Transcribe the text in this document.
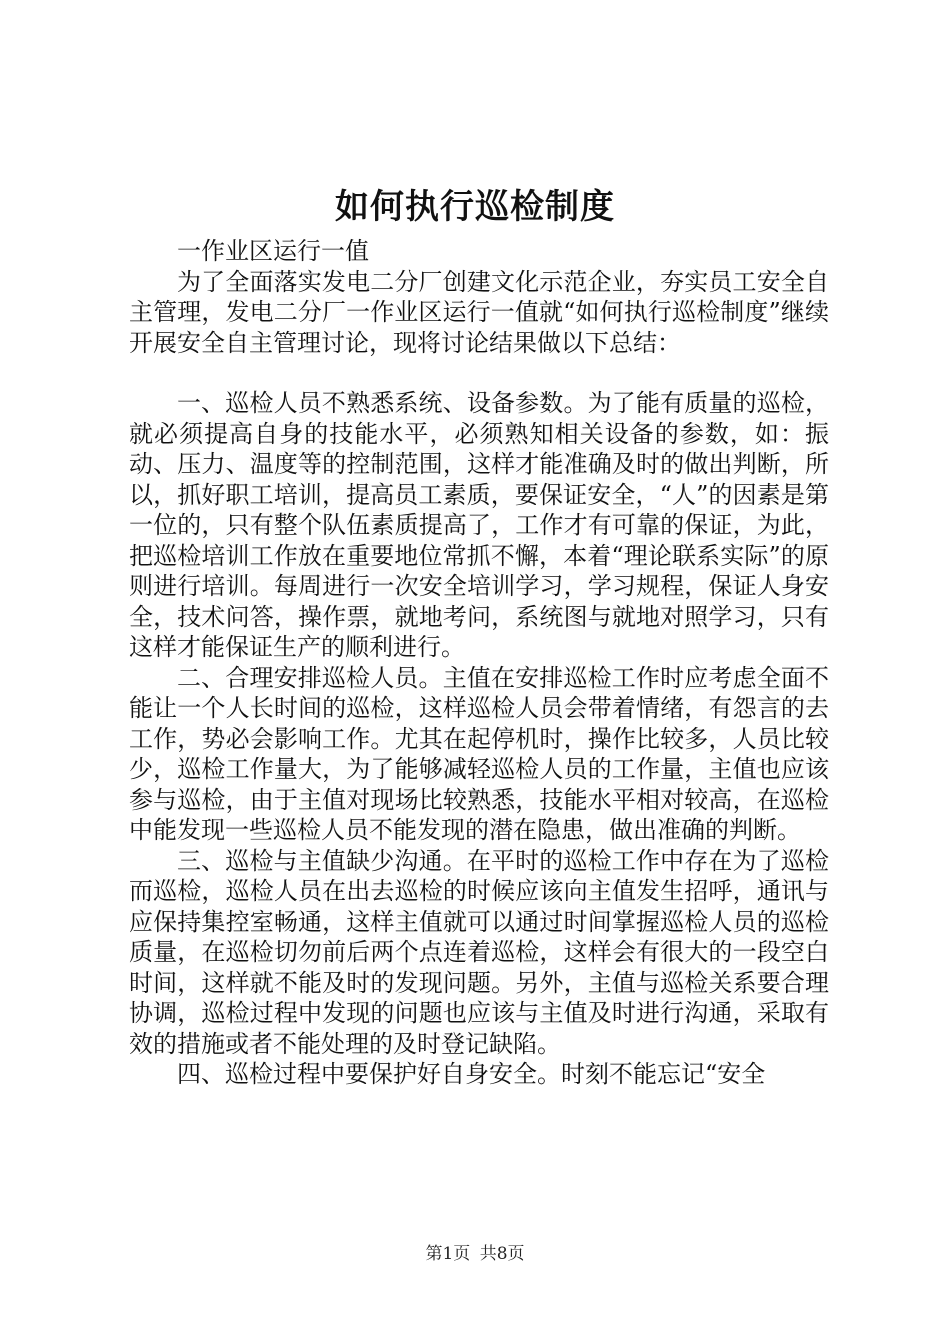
如何执行巡检制度

一作业区运行一值

为了全面落实发电二分厂创建文化示范企业，夯实员工安全自主管理，发电二分厂一作业区运行一值就“如何执行巡检制度”继续开展安全自主管理讨论，现将讨论结果做以下总结：

一、巡检人员不熟悉系统、设备参数。为了能有质量的巡检，就必须提高自身的技能水平，必须熟知相关设备的参数，如：振动、压力、温度等的控制范围，这样才能准确及时的做出判断，所以，抓好职工培训，提高员工素质，要保证安全，“人”的因素是第一位的，只有整个队伍素质提高了，工作才有可靠的保证，为此，把巡检培训工作放在重要地位常抓不懈，本着“理论联系实际”的原则进行培训。每周进行一次安全培训学习，学习规程，保证人身安全，技术问答，操作票，就地考问，系统图与就地对照学习，只有这样才能保证生产的顺利进行。

二、合理安排巡检人员。主值在安排巡检工作时应考虑全面不能让一个人长时间的巡检，这样巡检人员会带着情绪，有怨言的去工作，势必会影响工作。尤其在起停机时，操作比较多，人员比较少，巡检工作量大，为了能够减轻巡检人员的工作量，主值也应该参与巡检，由于主值对现场比较熟悉，技能水平相对较高，在巡检中能发现一些巡检人员不能发现的潜在隐患，做出准确的判断。

三、巡检与主值缺少沟通。在平时的巡检工作中存在为了巡检而巡检，巡检人员在出去巡检的时候应该向主值发生招呼，通讯与应保持集控室畅通，这样主值就可以通过时间掌握巡检人员的巡检质量，在巡检切勿前后两个点连着巡检，这样会有很大的一段空白时间，这样就不能及时的发现问题。另外，主值与巡检关系要合理协调，巡检过程中发现的问题也应该与主值及时进行沟通，采取有效的措施或者不能处理的及时登记缺陷。

四、巡检过程中要保护好自身安全。时刻不能忘记“安全

第1页 共8页
